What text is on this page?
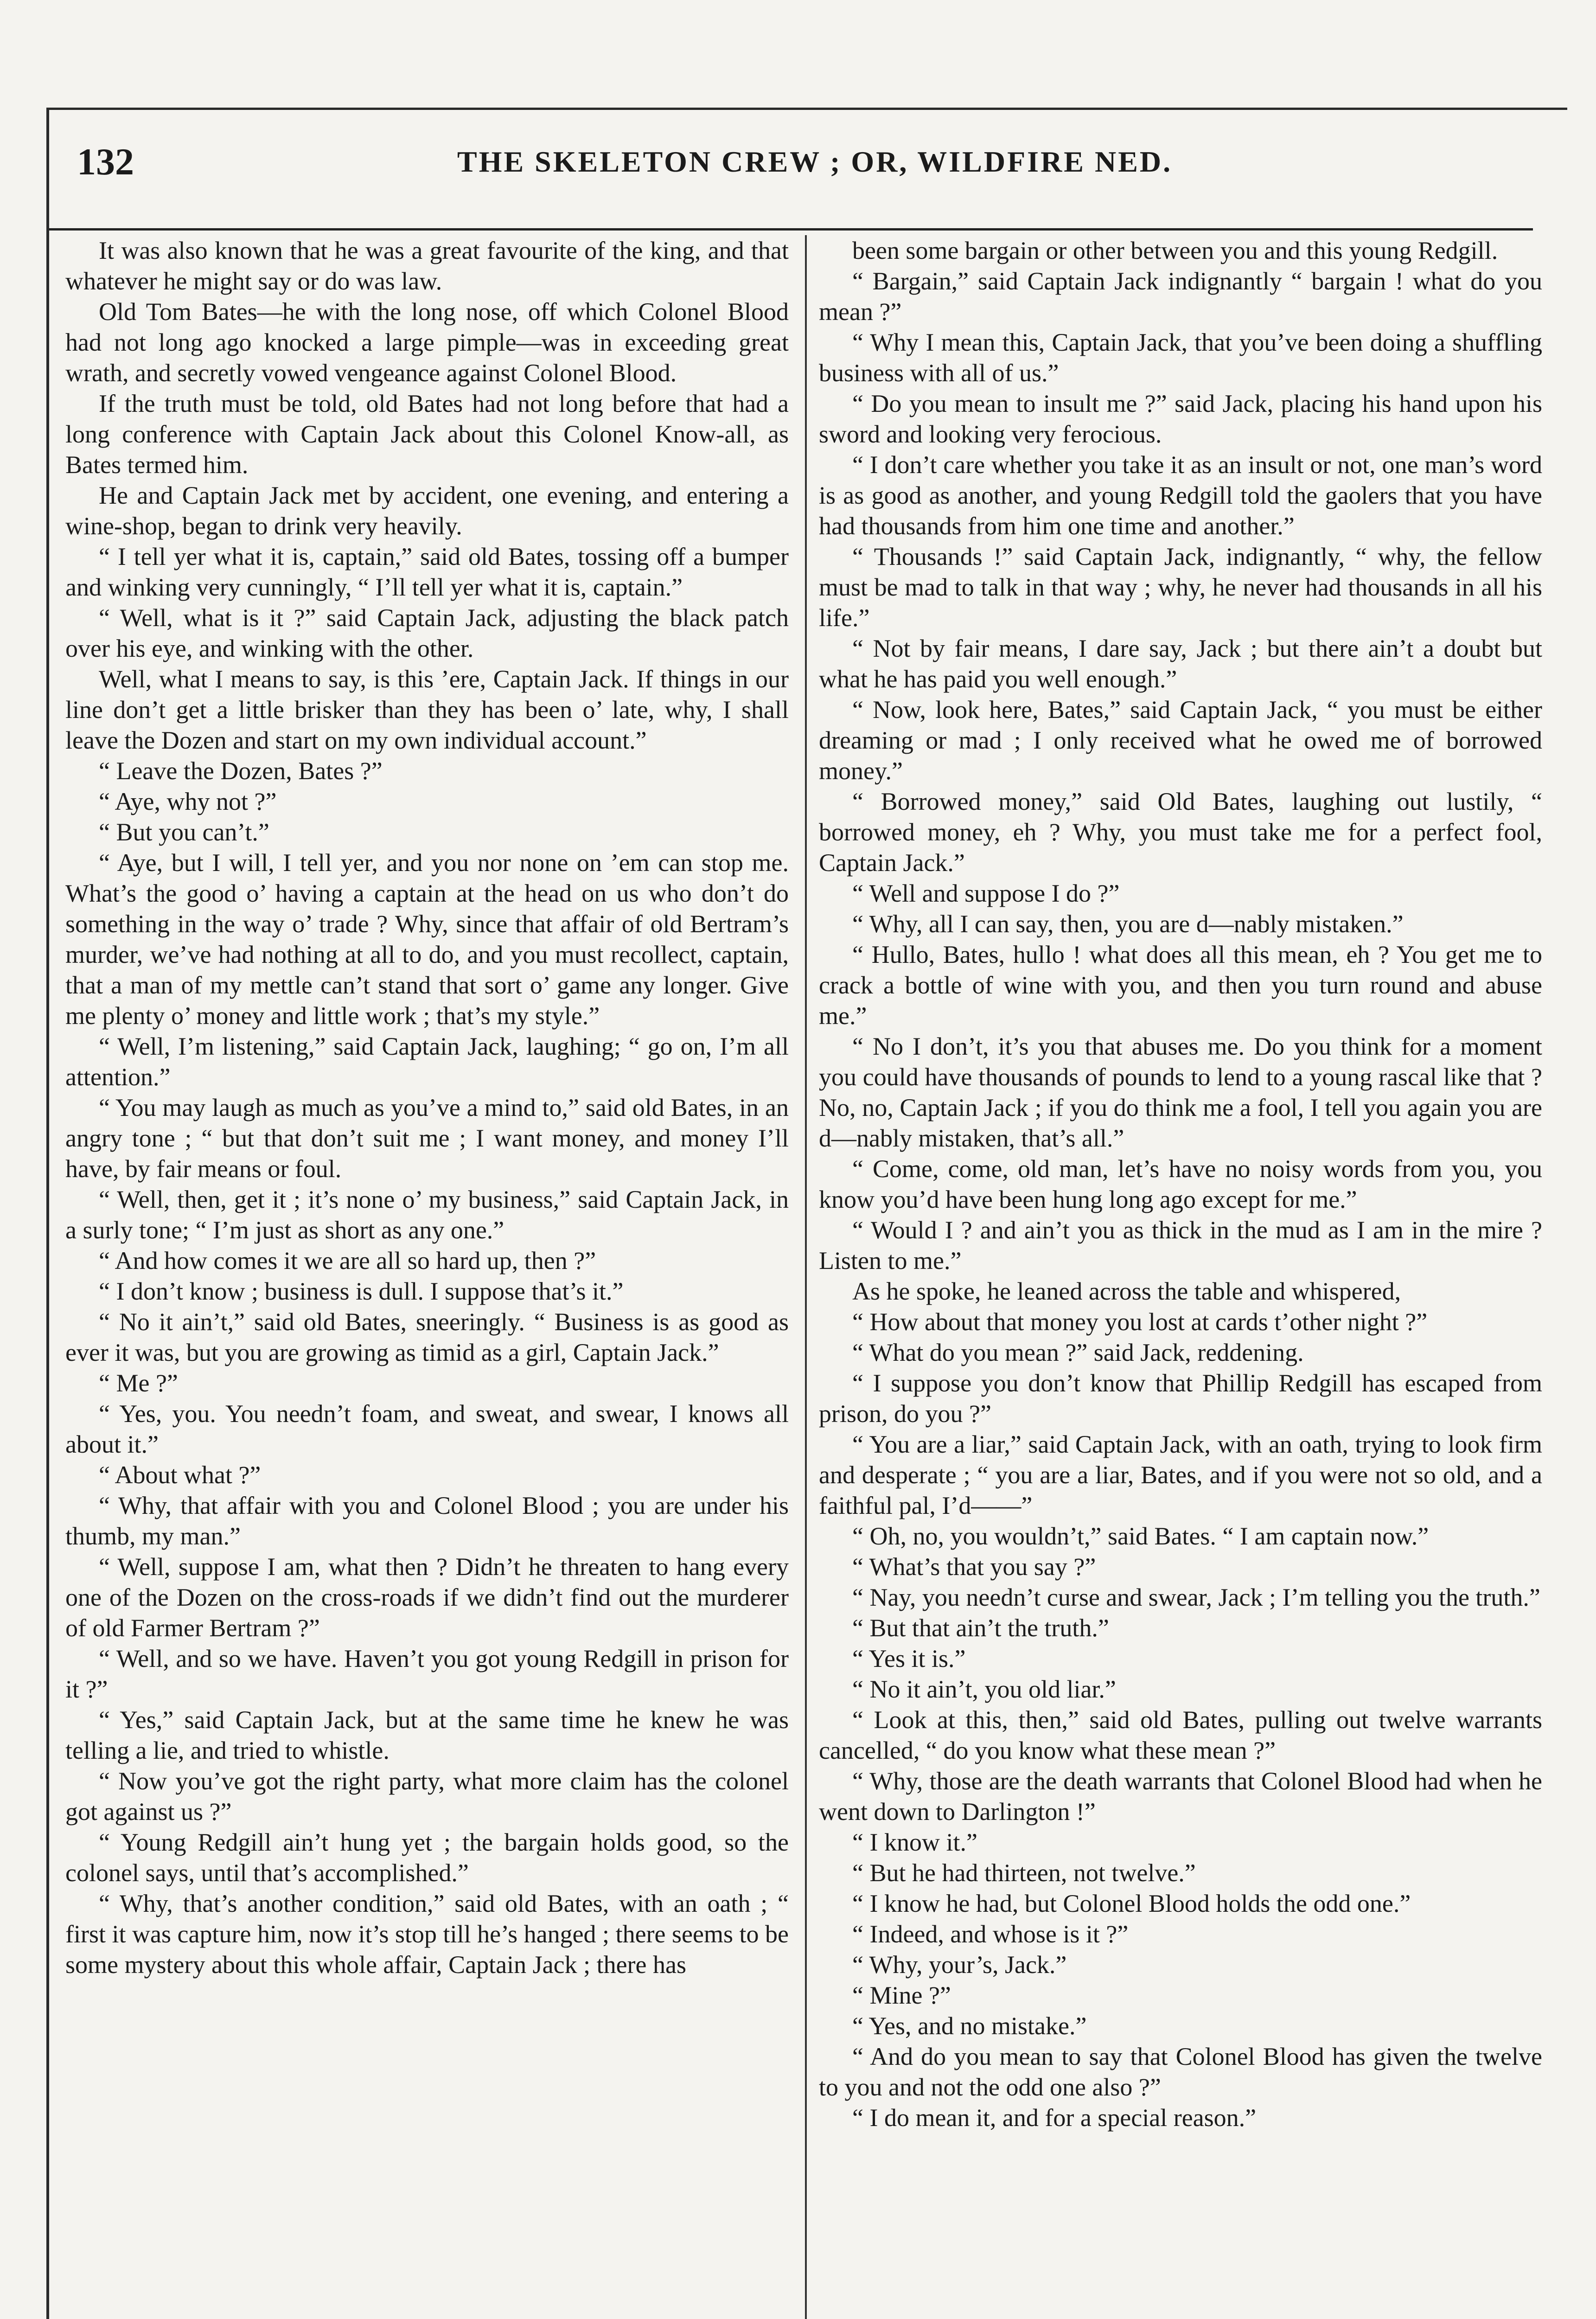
132	THE SKELETON CREW ; OR, WILDFIRE NED.

It was also known that he was a great favourite of the king, and that whatever he might say or do was law.

Old Tom Bates—he with the long nose, off which Colonel Blood had not long ago knocked a large pimple—was in exceeding great wrath, and secretly vowed vengeance against Colonel Blood.

If the truth must be told, old Bates had not long before that had a long conference with Captain Jack about this Colonel Know-all, as Bates termed him.

He and Captain Jack met by accident, one evening, and entering a wine-shop, began to drink very heavily.

“ I tell yer what it is, captain,” said old Bates, tossing off a bumper and winking very cunningly, “ I’ll tell yer what it is, captain.”

“ Well, what is it ?” said Captain Jack, adjusting the black patch over his eye, and winking with the other.

Well, what I means to say, is this ’ere, Captain Jack. If things in our line don’t get a little brisker than they has been o’ late, why, I shall leave the Dozen and start on my own individual account.”

“ Leave the Dozen, Bates ?”

“ Aye, why not ?”

“ But you can’t.”

“ Aye, but I will, I tell yer, and you nor none on ’em can stop me. What’s the good o’ having a captain at the head on us who don’t do something in the way o’ trade ? Why, since that affair of old Bertram’s murder, we’ve had nothing at all to do, and you must recollect, captain, that a man of my mettle can’t stand that sort o’ game any longer. Give me plenty o’ money and little work ; that’s my style.”

“ Well, I’m listening,” said Captain Jack, laughing; “ go on, I’m all attention.”

“ You may laugh as much as you’ve a mind to,” said old Bates, in an angry tone ; “ but that don’t suit me ; I want money, and money I’ll have, by fair means or foul.

“ Well, then, get it ; it’s none o’ my business,” said Captain Jack, in a surly tone; “ I’m just as short as any one.”

“ And how comes it we are all so hard up, then ?”

“ I don’t know ; business is dull. I suppose that’s it.”

“ No it ain’t,” said old Bates, sneeringly. “ Business is as good as ever it was, but you are growing as timid as a girl, Captain Jack.”

“ Me ?”

“ Yes, you. You needn’t foam, and sweat, and swear, I knows all about it.”

“ About what ?”

“ Why, that affair with you and Colonel Blood ; you are under his thumb, my man.”

“ Well, suppose I am, what then ? Didn’t he threaten to hang every one of the Dozen on the cross-roads if we didn’t find out the murderer of old Farmer Bertram ?”

“ Well, and so we have. Haven’t you got young Redgill in prison for it ?”

“ Yes,” said Captain Jack, but at the same time he knew he was telling a lie, and tried to whistle.

“ Now you’ve got the right party, what more claim has the colonel got against us ?”

“ Young Redgill ain’t hung yet ; the bargain holds good, so the colonel says, until that’s accomplished.”

“ Why, that’s another condition,” said old Bates, with an oath ; “ first it was capture him, now it’s stop till he’s hanged ; there seems to be some mystery about this whole affair, Captain Jack ; there has

been some bargain or other between you and this young Redgill.

“ Bargain,” said Captain Jack indignantly “ bargain ! what do you mean ?”

“ Why I mean this, Captain Jack, that you’ve been doing a shuffling business with all of us.”

“ Do you mean to insult me ?” said Jack, placing his hand upon his sword and looking very ferocious.

“ I don’t care whether you take it as an insult or not, one man’s word is as good as another, and young Redgill told the gaolers that you have had thousands from him one time and another.”

“ Thousands !” said Captain Jack, indignantly, “ why, the fellow must be mad to talk in that way ; why, he never had thousands in all his life.”

“ Not by fair means, I dare say, Jack ; but there ain’t a doubt but what he has paid you well enough.”

“ Now, look here, Bates,” said Captain Jack, “ you must be either dreaming or mad ; I only received what he owed me of borrowed money.”

“ Borrowed money,” said Old Bates, laughing out lustily, “ borrowed money, eh ? Why, you must take me for a perfect fool, Captain Jack.”

“ Well and suppose I do ?”

“ Why, all I can say, then, you are d—nably mistaken.”

“ Hullo, Bates, hullo ! what does all this mean, eh ? You get me to crack a bottle of wine with you, and then you turn round and abuse me.”

“ No I don’t, it’s you that abuses me. Do you think for a moment you could have thousands of pounds to lend to a young rascal like that ? No, no, Captain Jack ; if you do think me a fool, I tell you again you are d—nably mistaken, that’s all.”

“ Come, come, old man, let’s have no noisy words from you, you know you’d have been hung long ago except for me.”

“ Would I ? and ain’t you as thick in the mud as I am in the mire ? Listen to me.”

As he spoke, he leaned across the table and whispered,

“ How about that money you lost at cards t’other night ?”

“ What do you mean ?” said Jack, reddening.

“ I suppose you don’t know that Phillip Redgill has escaped from prison, do you ?”

“ You are a liar,” said Captain Jack, with an oath, trying to look firm and desperate ; “ you are a liar, Bates, and if you were not so old, and a faithful pal, I’d——”

“ Oh, no, you wouldn’t,” said Bates. “ I am captain now.”

“ What’s that you say ?”

“ Nay, you needn’t curse and swear, Jack ; I’m telling you the truth.”

“ But that ain’t the truth.”

“ Yes it is.”

“ No it ain’t, you old liar.”

“ Look at this, then,” said old Bates, pulling out twelve warrants cancelled, “ do you know what these mean ?”

“ Why, those are the death warrants that Colonel Blood had when he went down to Darlington !”

“ I know it.”

“ But he had thirteen, not twelve.”

“ I know he had, but Colonel Blood holds the odd one.”

“ Indeed, and whose is it ?”

“ Why, your’s, Jack.”

“ Mine ?”

“ Yes, and no mistake.”

“ And do you mean to say that Colonel Blood has given the twelve to you and not the odd one also ?”

“ I do mean it, and for a special reason.”
